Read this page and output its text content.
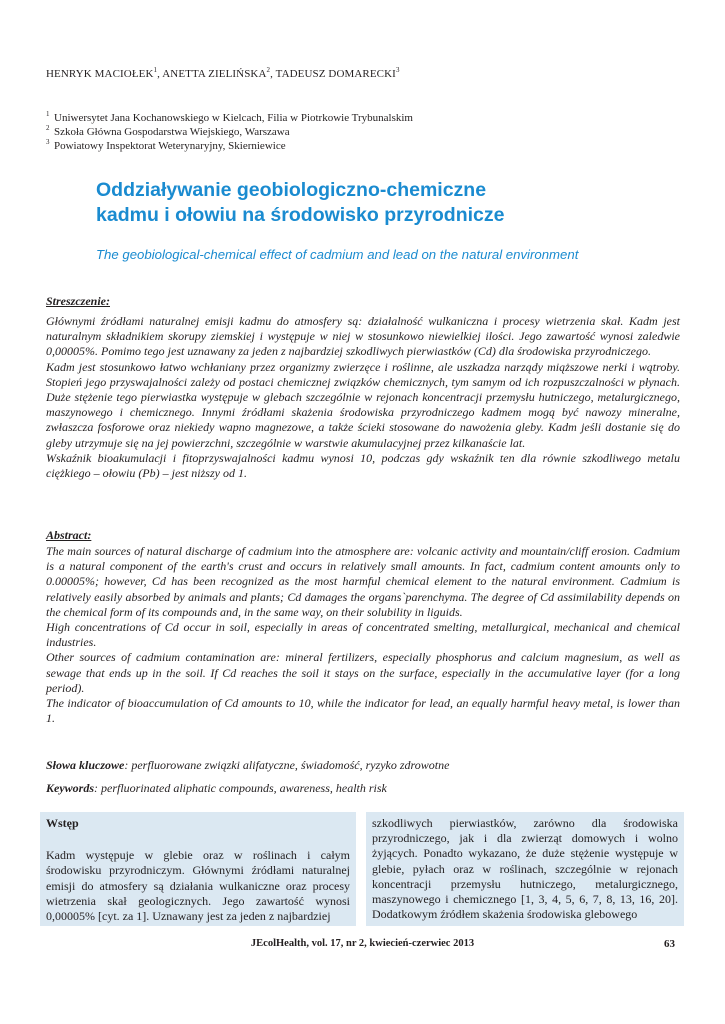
HENRYK MACIOŁEK$^1$, ANETTA ZIELIŃSKA$^2$, TADEUSZ DOMARECKI$^3$
$^1$ Uniwersytet Jana Kochanowskiego w Kielcach, Filia w Piotrkowie Trybunalskim
$^2$ Szkoła Główna Gospodarstwa Wiejskiego, Warszawa
$^3$ Powiatowy Inspektorat Weterynaryjny, Skierniewice
Oddziaływanie geobiologiczno-chemiczne
kadmu i ołowiu na środowisko przyrodnicze
The geobiological-chemical effect of cadmium and lead on the natural environment
Streszczenie:

Głównymi źródłami naturalnej emisji kadmu do atmosfery są: działalność wulkaniczna i procesy wietrzenia skał. Kadm jest naturalnym składnikiem skorupy ziemskiej i występuje w niej w stosunkowo niewielkiej ilości. Jego zawartość wynosi zaledwie 0,00005%. Pomimo tego jest uznawany za jeden z najbardziej szkodliwych pierwiastków (Cd) dla środowiska przyrodniczego.

Kadm jest stosunkowo łatwo wchłaniany przez organizmy zwierzęce i roślinne, ale uszkadza narządy miąższowe nerki i wątroby. Stopień jego przyswajalności zależy od postaci chemicznej związków chemicznych, tym samym od ich rozpuszczalności w płynach. Duże stężenie tego pierwiastka występuje w glebach szczególnie w rejonach koncentracji przemysłu hutniczego, metalurgicznego, maszynowego i chemicznego. Innymi źródłami skażenia środowiska przyrodniczego kadmem mogą być nawozy mineralne, zwłaszcza fosforowe oraz niekiedy wapno magnezowe, a także ścieki stosowane do nawożenia gleby. Kadm jeśli dostanie się do gleby utrzymuje się na jej powierzchni, szczególnie w warstwie akumulacyjnej przez kilkanaście lat.

Wskaźnik bioakumulacji i fitoprzyswajalności kadmu wynosi 10, podczas gdy wskaźnik ten dla równie szkodliwego metalu ciężkiego – ołowiu (Pb) – jest niższy od 1.

Abstract:

The main sources of natural discharge of cadmium into the atmosphere are: volcanic activity and mountain/cliff erosion. Cadmium is a natural component of the earth's crust and occurs in relatively small amounts. In fact, cadmium content amounts only to 0.00005%; however, Cd has been recognized as the most harmful chemical element to the natural environment. Cadmium is relatively easily absorbed by animals and plants; Cd damages the organs`parenchyma. The degree of Cd assimilability depends on the chemical form of its compounds and, in the same way, on their solubility in liguids.

High concentrations of Cd occur in soil, especially in areas of concentrated smelting, metallurgical, mechanical and chemical industries.

Other sources of cadmium contamination are: mineral fertilizers, especially phosphorus and calcium magnesium, as well as sewage that ends up in the soil. If Cd reaches the soil it stays on the surface, especially in the accumulative layer (for a long period).

The indicator of bioaccumulation of Cd amounts to 10, while the indicator for lead, an equally harmful heavy metal, is lower than 1.

Słowa kluczowe: perfluorowane związki alifatyczne, świadomość, ryzyko zdrowotne
Keywords: perfluorinated aliphatic compounds, awareness, health risk
Wstęp

Kadm występuje w glebie oraz w roślinach i całym środowisku przyrodniczym. Głównymi źródłami naturalnej emisji do atmosfery są działania wulkaniczne oraz procesy wietrzenia skał geologicznych. Jego zawartość wynosi 0,00005% [cyt. za 1]. Uznawany jest za jeden z najbardziej

szkodliwych pierwiastków, zarówno dla środowiska przyrodniczego, jak i dla zwierząt domowych i wolno żyjących. Ponadto wykazano, że duże stężenie występuje w glebie, pyłach oraz w roślinach, szczególnie w rejonach koncentracji przemysłu hutniczego, metalurgicznego, maszynowego i chemicznego [1, 3, 4, 5, 6, 7, 8, 13, 16, 20]. Dodatkowym źródłem skażenia środowiska glebowego

JEcolHealth, vol. 17, nr 2, kwiecień-czerwiec 2013	63
